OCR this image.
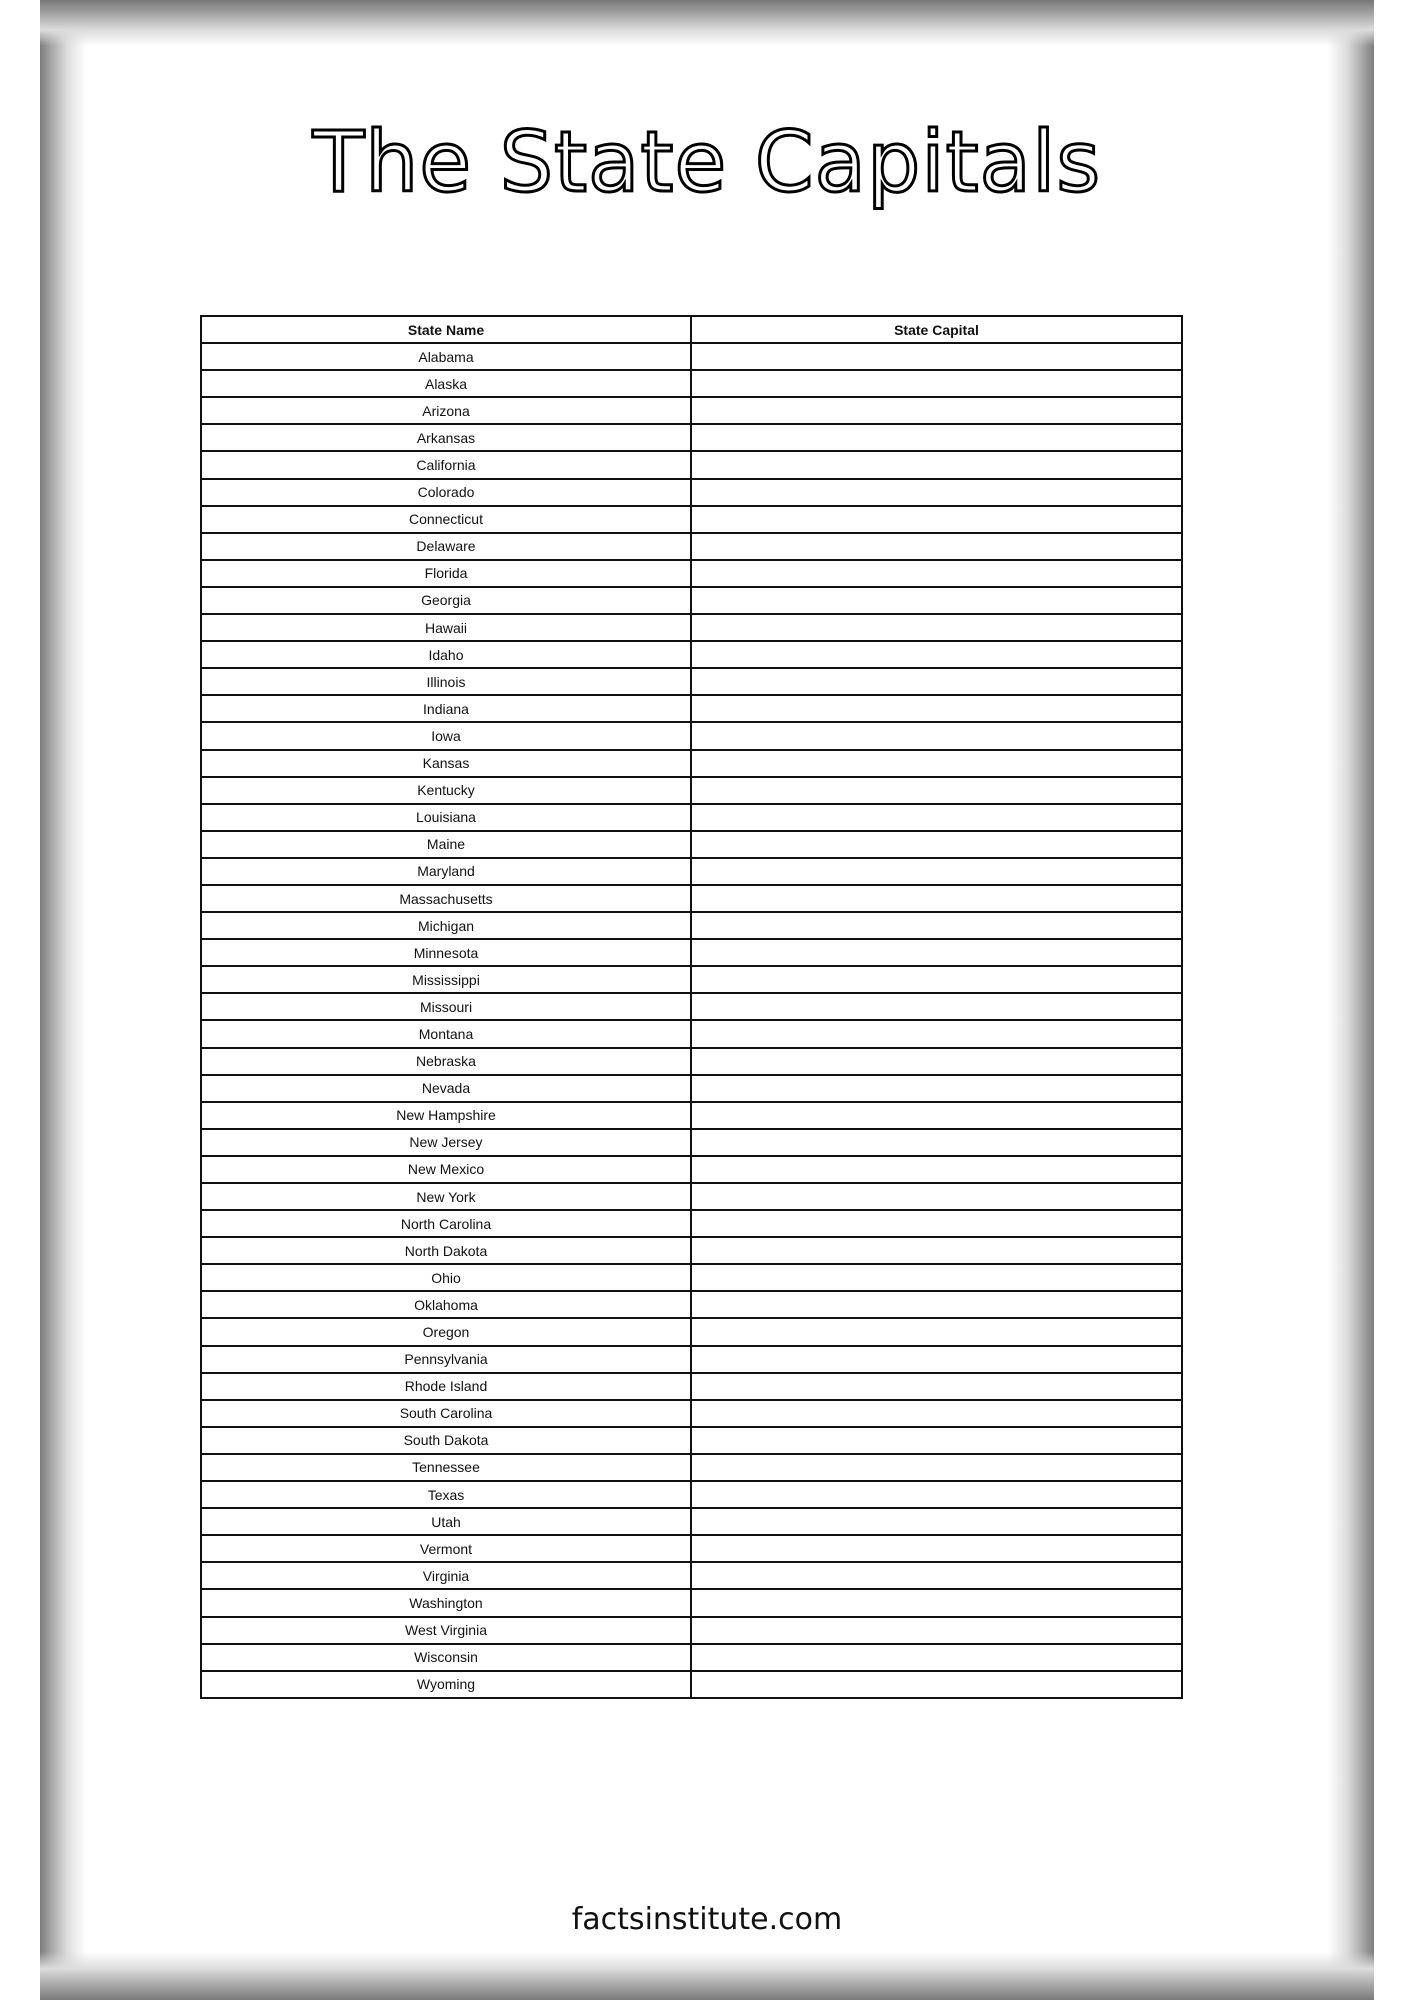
The State Capitals
State Name	State Capital
Alabama	
Alaska	
Arizona	
Arkansas	
California	
Colorado	
Connecticut	
Delaware	
Florida	
Georgia	
Hawaii	
Idaho	
Illinois	
Indiana	
Iowa	
Kansas	
Kentucky	
Louisiana	
Maine	
Maryland	
Massachusetts	
Michigan	
Minnesota	
Mississippi	
Missouri	
Montana	
Nebraska	
Nevada	
New Hampshire	
New Jersey	
New Mexico	
New York	
North Carolina	
North Dakota	
Ohio	
Oklahoma	
Oregon	
Pennsylvania	
Rhode Island	
South Carolina	
South Dakota	
Tennessee	
Texas	
Utah	
Vermont	
Virginia	
Washington	
West Virginia	
Wisconsin	
Wyoming	
factsinstitute.com
